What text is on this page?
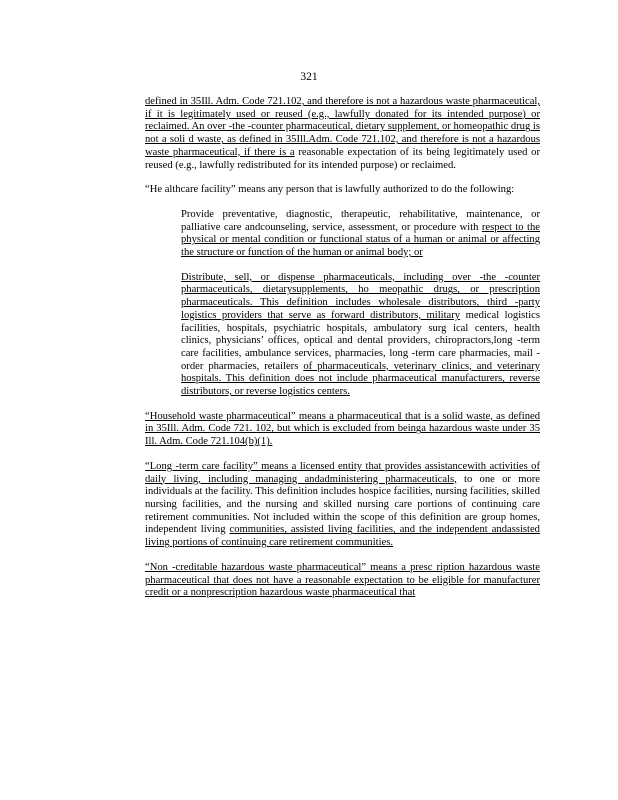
321

defined in 35Ill. Adm. Code 721.102, and therefore is not a hazardous waste pharmaceutical, if it is legitimately used or reused (e.g., lawfully donated for its intended purpose) or reclaimed. An over -the -counter pharmaceutical, dietary supplement, or homeopathic drug is not a soli d waste, as defined in 35Ill.Adm. Code 721.102, and therefore is not a hazardous waste pharmaceutical, if there is a reasonable expectation of its being legitimately used or reused (e.g., lawfully redistributed for its intended purpose) or reclaimed.

“He althcare facility” means any person that is lawfully authorized to do the following:

Provide preventative, diagnostic, therapeutic, rehabilitative, maintenance, or palliative care andcounseling, service, assessment, or procedure with respect to the physical or mental condition or functional status of a human or animal or affecting the structure or function of the human or animal body; or

Distribute, sell, or dispense pharmaceuticals, including over -the -counter pharmaceuticals, dietarysupplements, ho meopathic drugs, or prescription pharmaceuticals. This definition includes wholesale distributors, third -party logistics providers that serve as forward distributors, military medical logistics facilities, hospitals, psychiatric hospitals, ambulatory surg ical centers, health clinics, physicians’ offices, optical and dental providers, chiropractors,long -term care facilities, ambulance services, pharmacies, long -term care pharmacies, mail -order pharmacies, retailers of pharmaceuticals, veterinary clinics, and veterinary hospitals. This definition does not include pharmaceutical manufacturers, reverse distributors, or reverse logistics centers.

“Household waste pharmaceutical” means a pharmaceutical that is a solid waste, as defined in 35Ill. Adm. Code 721. 102, but which is excluded from beinga hazardous waste under 35 Ill. Adm. Code 721.104(b)(1).

“Long -term care facility” means a licensed entity that provides assistancewith activities of daily living, including managing andadministering pharmaceuticals, to one or more individuals at the facility. This definition includes hospice facilities, nursing facilities, skilled nursing facilities, and the nursing and skilled nursing care portions of continuing care retirement communities. Not included within the scope of this definition are group homes, independent living communities, assisted living facilities, and the independent andassisted living portions of continuing care retirement communities.

“Non -creditable hazardous waste pharmaceutical” means a presc ription hazardous waste pharmaceutical that does not have a reasonable expectation to be eligible for manufacturer credit or a nonprescription hazardous waste pharmaceutical that
